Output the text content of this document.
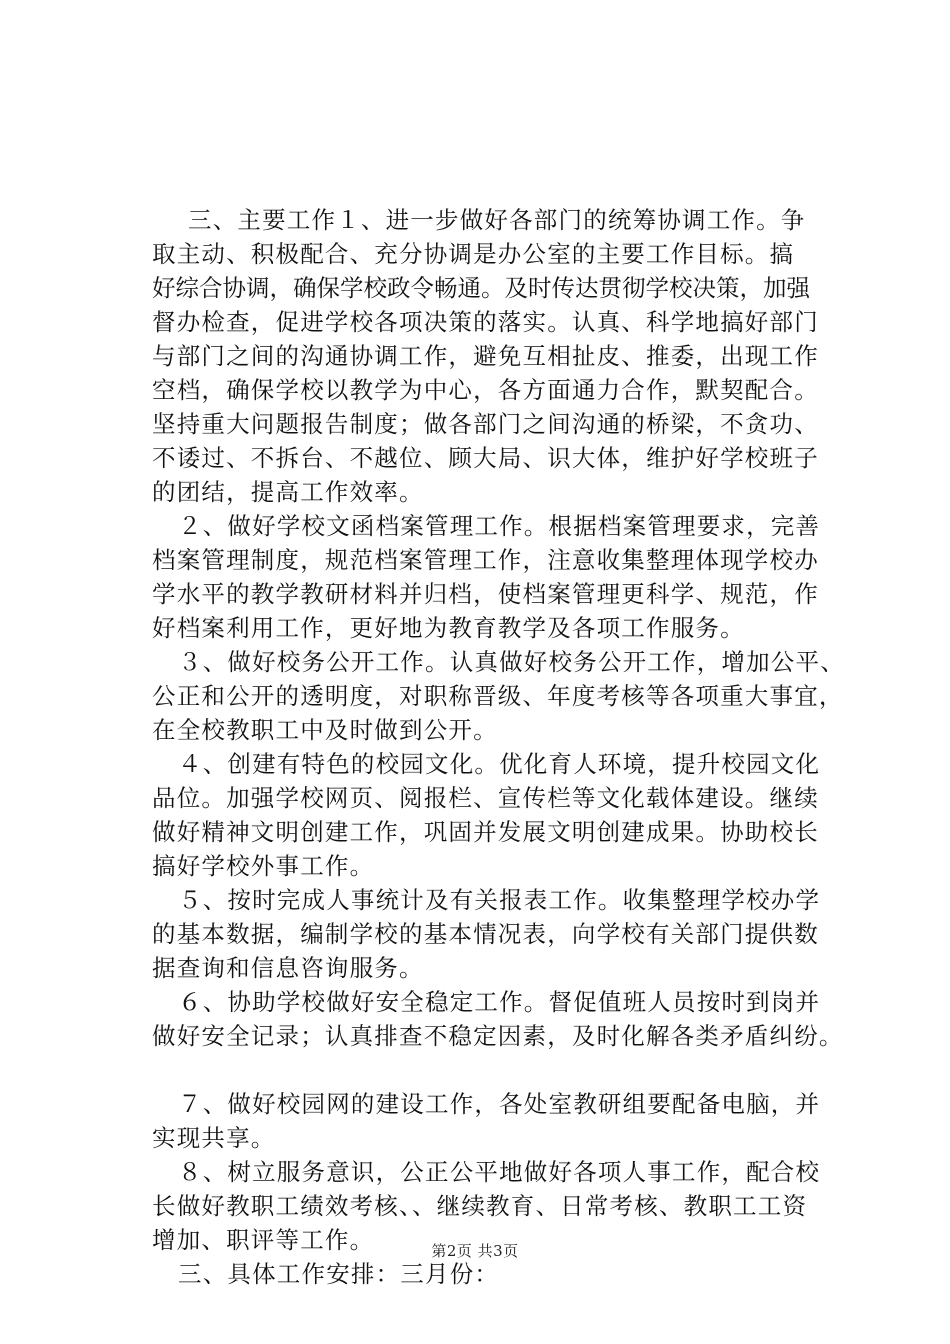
三、主要工作１、进一步做好各部门的统筹协调工作。争
取主动、积极配合、充分协调是办公室的主要工作目标。搞
好综合协调，确保学校政令畅通。及时传达贯彻学校决策，加强
督办检查，促进学校各项决策的落实。认真、科学地搞好部门
与部门之间的沟通协调工作，避免互相扯皮、推委，出现工作
空档，确保学校以教学为中心，各方面通力合作，默契配合。
坚持重大问题报告制度；做各部门之间沟通的桥梁，不贪功、
不诿过、不拆台、不越位、顾大局、识大体，维护好学校班子
的团结，提高工作效率。
２、做好学校文函档案管理工作。根据档案管理要求，完善
档案管理制度，规范档案管理工作，注意收集整理体现学校办
学水平的教学教研材料并归档，使档案管理更科学、规范，作
好档案利用工作，更好地为教育教学及各项工作服务。
３、做好校务公开工作。认真做好校务公开工作，增加公平、
公正和公开的透明度，对职称晋级、年度考核等各项重大事宜，
在全校教职工中及时做到公开。
４、创建有特色的校园文化。优化育人环境，提升校园文化
品位。加强学校网页、阅报栏、宣传栏等文化载体建设。继续
做好精神文明创建工作，巩固并发展文明创建成果。协助校长
搞好学校外事工作。
５、按时完成人事统计及有关报表工作。收集整理学校办学
的基本数据，编制学校的基本情况表，向学校有关部门提供数
据查询和信息咨询服务。
６、协助学校做好安全稳定工作。督促值班人员按时到岗并
做好安全记录；认真排查不稳定因素，及时化解各类矛盾纠纷。
７、做好校园网的建设工作，各处室教研组要配备电脑，并
实现共享。
８、树立服务意识，公正公平地做好各项人事工作，配合校
长做好教职工绩效考核、、继续教育、日常考核、教职工工资
增加、职评等工作。
三、具体工作安排：三月份：
第2页 共3页
